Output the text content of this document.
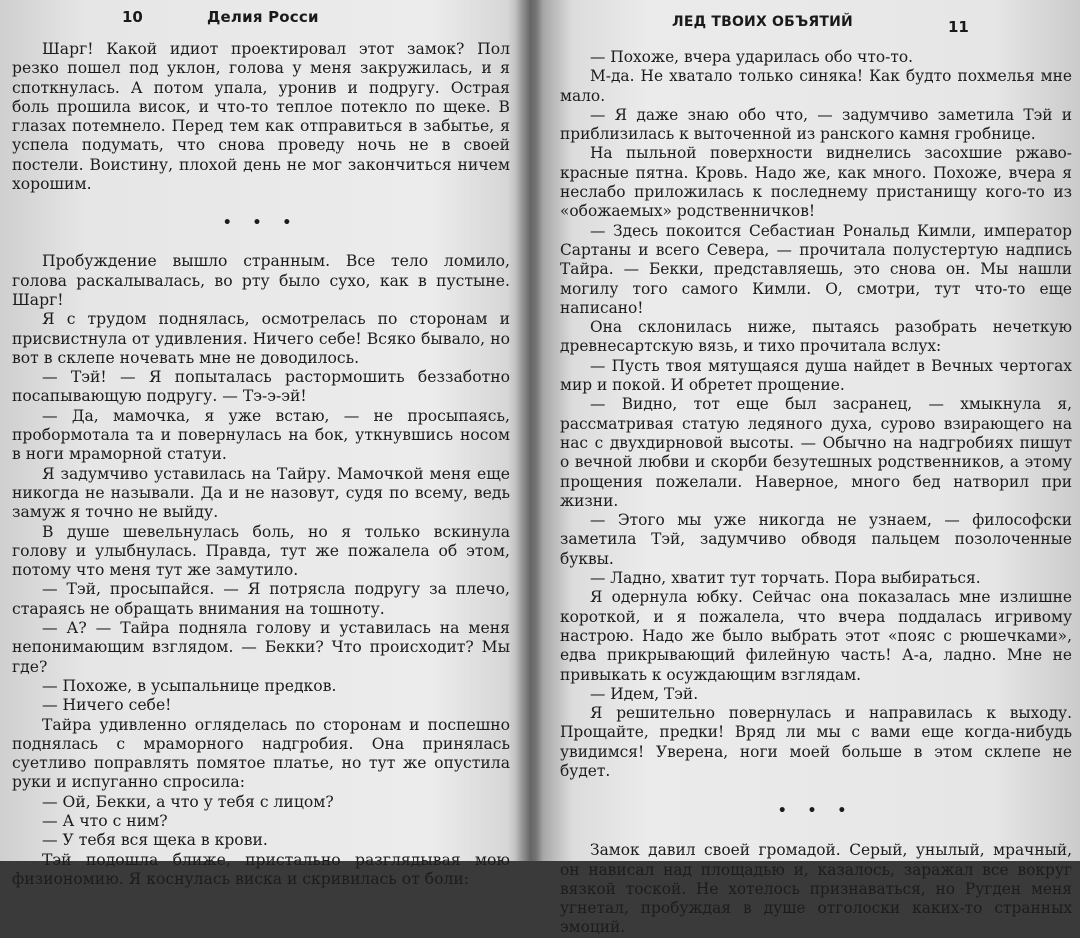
10	Делия Росси

Шарг! Какой идиот проектировал этот замок? Пол резко пошел под уклон, голова у меня закружилась, и я споткнулась. А потом упала, уронив и подругу. Острая боль прошила висок, и что-то теплое потекло по щеке. В глазах потемнело. Перед тем как отправиться в забытье, я успела подумать, что снова проведу ночь не в своей постели. Воистину, плохой день не мог закончиться ничем хорошим.

• • •

Пробуждение вышло странным. Все тело ломило, голова раскалывалась, во рту было сухо, как в пустыне. Шарг!

Я с трудом поднялась, осмотрелась по сторонам и присвистнула от удивления. Ничего себе! Всяко бывало, но вот в склепе ночевать мне не доводилось.

— Тэй! — Я попыталась растормошить беззаботно посапывающую подругу. — Тэ-э-эй!

— Да, мамочка, я уже встаю, — не просыпаясь, пробормотала та и повернулась на бок, уткнувшись носом в ноги мраморной статуи.

Я задумчиво уставилась на Тайру. Мамочкой меня еще никогда не называли. Да и не назовут, судя по всему, ведь замуж я точно не выйду.

В душе шевельнулась боль, но я только вскинула голову и улыбнулась. Правда, тут же пожалела об этом, потому что меня тут же замутило.

— Тэй, просыпайся. — Я потрясла подругу за плечо, стараясь не обращать внимания на тошноту.

— А? — Тайра подняла голову и уставилась на меня непонимающим взглядом. — Бекки? Что происходит? Мы где?

— Похоже, в усыпальнице предков.

— Ничего себе!

Тайра удивленно огляделась по сторонам и поспешно поднялась с мраморного надгробия. Она принялась суетливо поправлять помятое платье, но тут же опустила руки и испуганно спросила:

— Ой, Бекки, а что у тебя с лицом?

— А что с ним?

— У тебя вся щека в крови.

Тэй подошла ближе, пристально разглядывая мою физиономию. Я коснулась виска и скривилась от боли:

ЛЕД ТВОИХ ОБЪЯТИЙ	11

— Похоже, вчера ударилась обо что-то.

М-да. Не хватало только синяка! Как будто похмелья мне мало.

— Я даже знаю обо что, — задумчиво заметила Тэй и приблизилась к выточенной из ранского камня гробнице.

На пыльной поверхности виднелись засохшие ржаво-красные пятна. Кровь. Надо же, как много. Похоже, вчера я неслабо приложилась к последнему пристанищу кого-то из «обожаемых» родственничков!

— Здесь покоится Себастиан Рональд Кимли, император Сартаны и всего Севера, — прочитала полустертую надпись Тайра. — Бекки, представляешь, это снова он. Мы нашли могилу того самого Кимли. О, смотри, тут что-то еще написано!

Она склонилась ниже, пытаясь разобрать нечеткую древнесартскую вязь, и тихо прочитала вслух:

— Пусть твоя мятущаяся душа найдет в Вечных чертогах мир и покой. И обретет прощение.

— Видно, тот еще был засранец, — хмыкнула я, рассматривая статую ледяного духа, сурово взирающего на нас с двухдирновой высоты. — Обычно на надгробиях пишут о вечной любви и скорби безутешных родственников, а этому прощения пожелали. Наверное, много бед натворил при жизни.

— Этого мы уже никогда не узнаем, — философски заметила Тэй, задумчиво обводя пальцем позолоченные буквы.

— Ладно, хватит тут торчать. Пора выбираться.

Я одернула юбку. Сейчас она показалась мне излишне короткой, и я пожалела, что вчера поддалась игривому настрою. Надо же было выбрать этот «пояс с рюшечками», едва прикрывающий филейную часть! А-а, ладно. Мне не привыкать к осуждающим взглядам.

— Идем, Тэй.

Я решительно повернулась и направилась к выходу. Прощайте, предки! Вряд ли мы с вами еще когда-нибудь увидимся! Уверена, ноги моей больше в этом склепе не будет.

• • •

Замок давил своей громадой. Серый, унылый, мрачный, он нависал над площадью и, казалось, заражал все вокруг вязкой тоской. Не хотелось признаваться, но Ругден меня угнетал, пробуждая в душе отголоски каких-то странных эмоций.
